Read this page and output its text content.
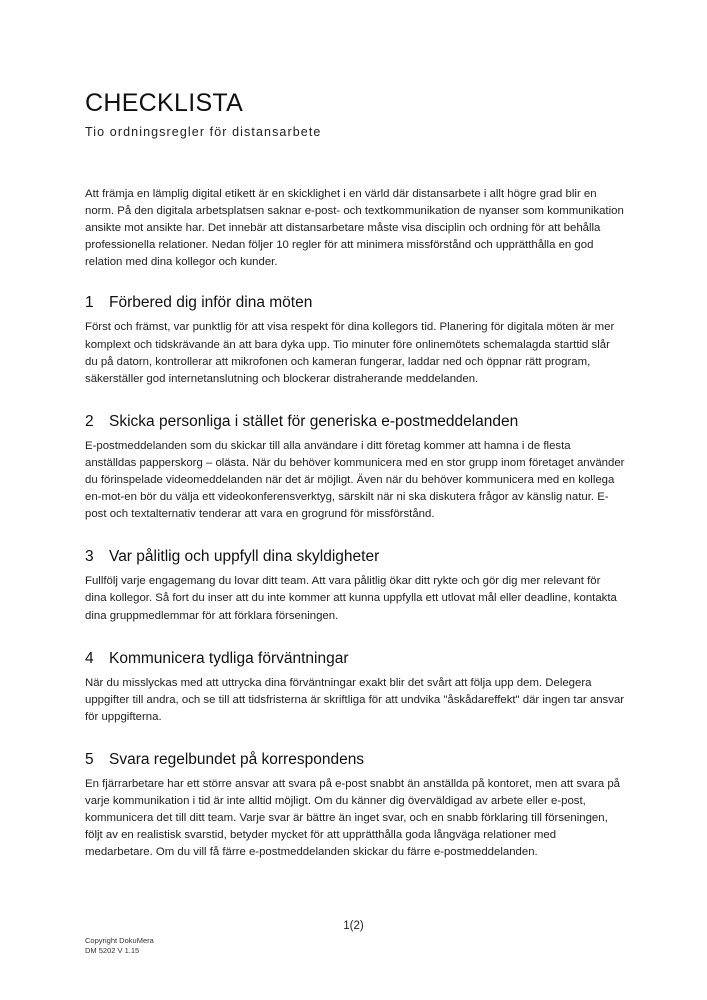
CHECKLISTA
Tio ordningsregler för distansarbete

Att främja en lämplig digital etikett är en skicklighet i en värld där distansarbete i allt högre grad blir en norm. På den digitala arbetsplatsen saknar e-post- och textkommunikation de nyanser som kommunikation ansikte mot ansikte har. Det innebär att distansarbetare måste visa disciplin och ordning för att behålla professionella relationer. Nedan följer 10 regler för att minimera missförstånd och upprätthålla en god relation med dina kollegor och kunder.

1 Förbered dig inför dina möten

Först och främst, var punktlig för att visa respekt för dina kollegors tid. Planering för digitala möten är mer komplext och tidskrävande än att bara dyka upp. Tio minuter före onlinemötets schemalagda starttid slår du på datorn, kontrollerar att mikrofonen och kameran fungerar, laddar ned och öppnar rätt program, säkerställer god internetanslutning och blockerar distraherande meddelanden.

2 Skicka personliga i stället för generiska e-postmeddelanden

E-postmeddelanden som du skickar till alla användare i ditt företag kommer att hamna i de flesta anställdas papperskorg – olästa. När du behöver kommunicera med en stor grupp inom företaget använder du förinspelade videomeddelanden när det är möjligt. Även när du behöver kommunicera med en kollega en-mot-en bör du välja ett videokonferensverktyg, särskilt när ni ska diskutera frågor av känslig natur. E-post och textalternativ tenderar att vara en grogrund för missförstånd.

3 Var pålitlig och uppfyll dina skyldigheter

Fullfölj varje engagemang du lovar ditt team. Att vara pålitlig ökar ditt rykte och gör dig mer relevant för dina kollegor. Så fort du inser att du inte kommer att kunna uppfylla ett utlovat mål eller deadline, kontakta dina gruppmedlemmar för att förklara förseningen.

4 Kommunicera tydliga förväntningar

När du misslyckas med att uttrycka dina förväntningar exakt blir det svårt att följa upp dem. Delegera uppgifter till andra, och se till att tidsfristerna är skriftliga för att undvika "åskådareffekt" där ingen tar ansvar för uppgifterna.

5 Svara regelbundet på korrespondens

En fjärrarbetare har ett större ansvar att svara på e-post snabbt än anställda på kontoret, men att svara på varje kommunikation i tid är inte alltid möjligt. Om du känner dig överväldigad av arbete eller e-post, kommunicera det till ditt team. Varje svar är bättre än inget svar, och en snabb förklaring till förseningen, följt av en realistisk svarstid, betyder mycket för att upprätthålla goda långväga relationer med medarbetare. Om du vill få färre e-postmeddelanden skickar du färre e-postmeddelanden.

1(2)
Copyright DokuMera
DM 5202 V 1.15
